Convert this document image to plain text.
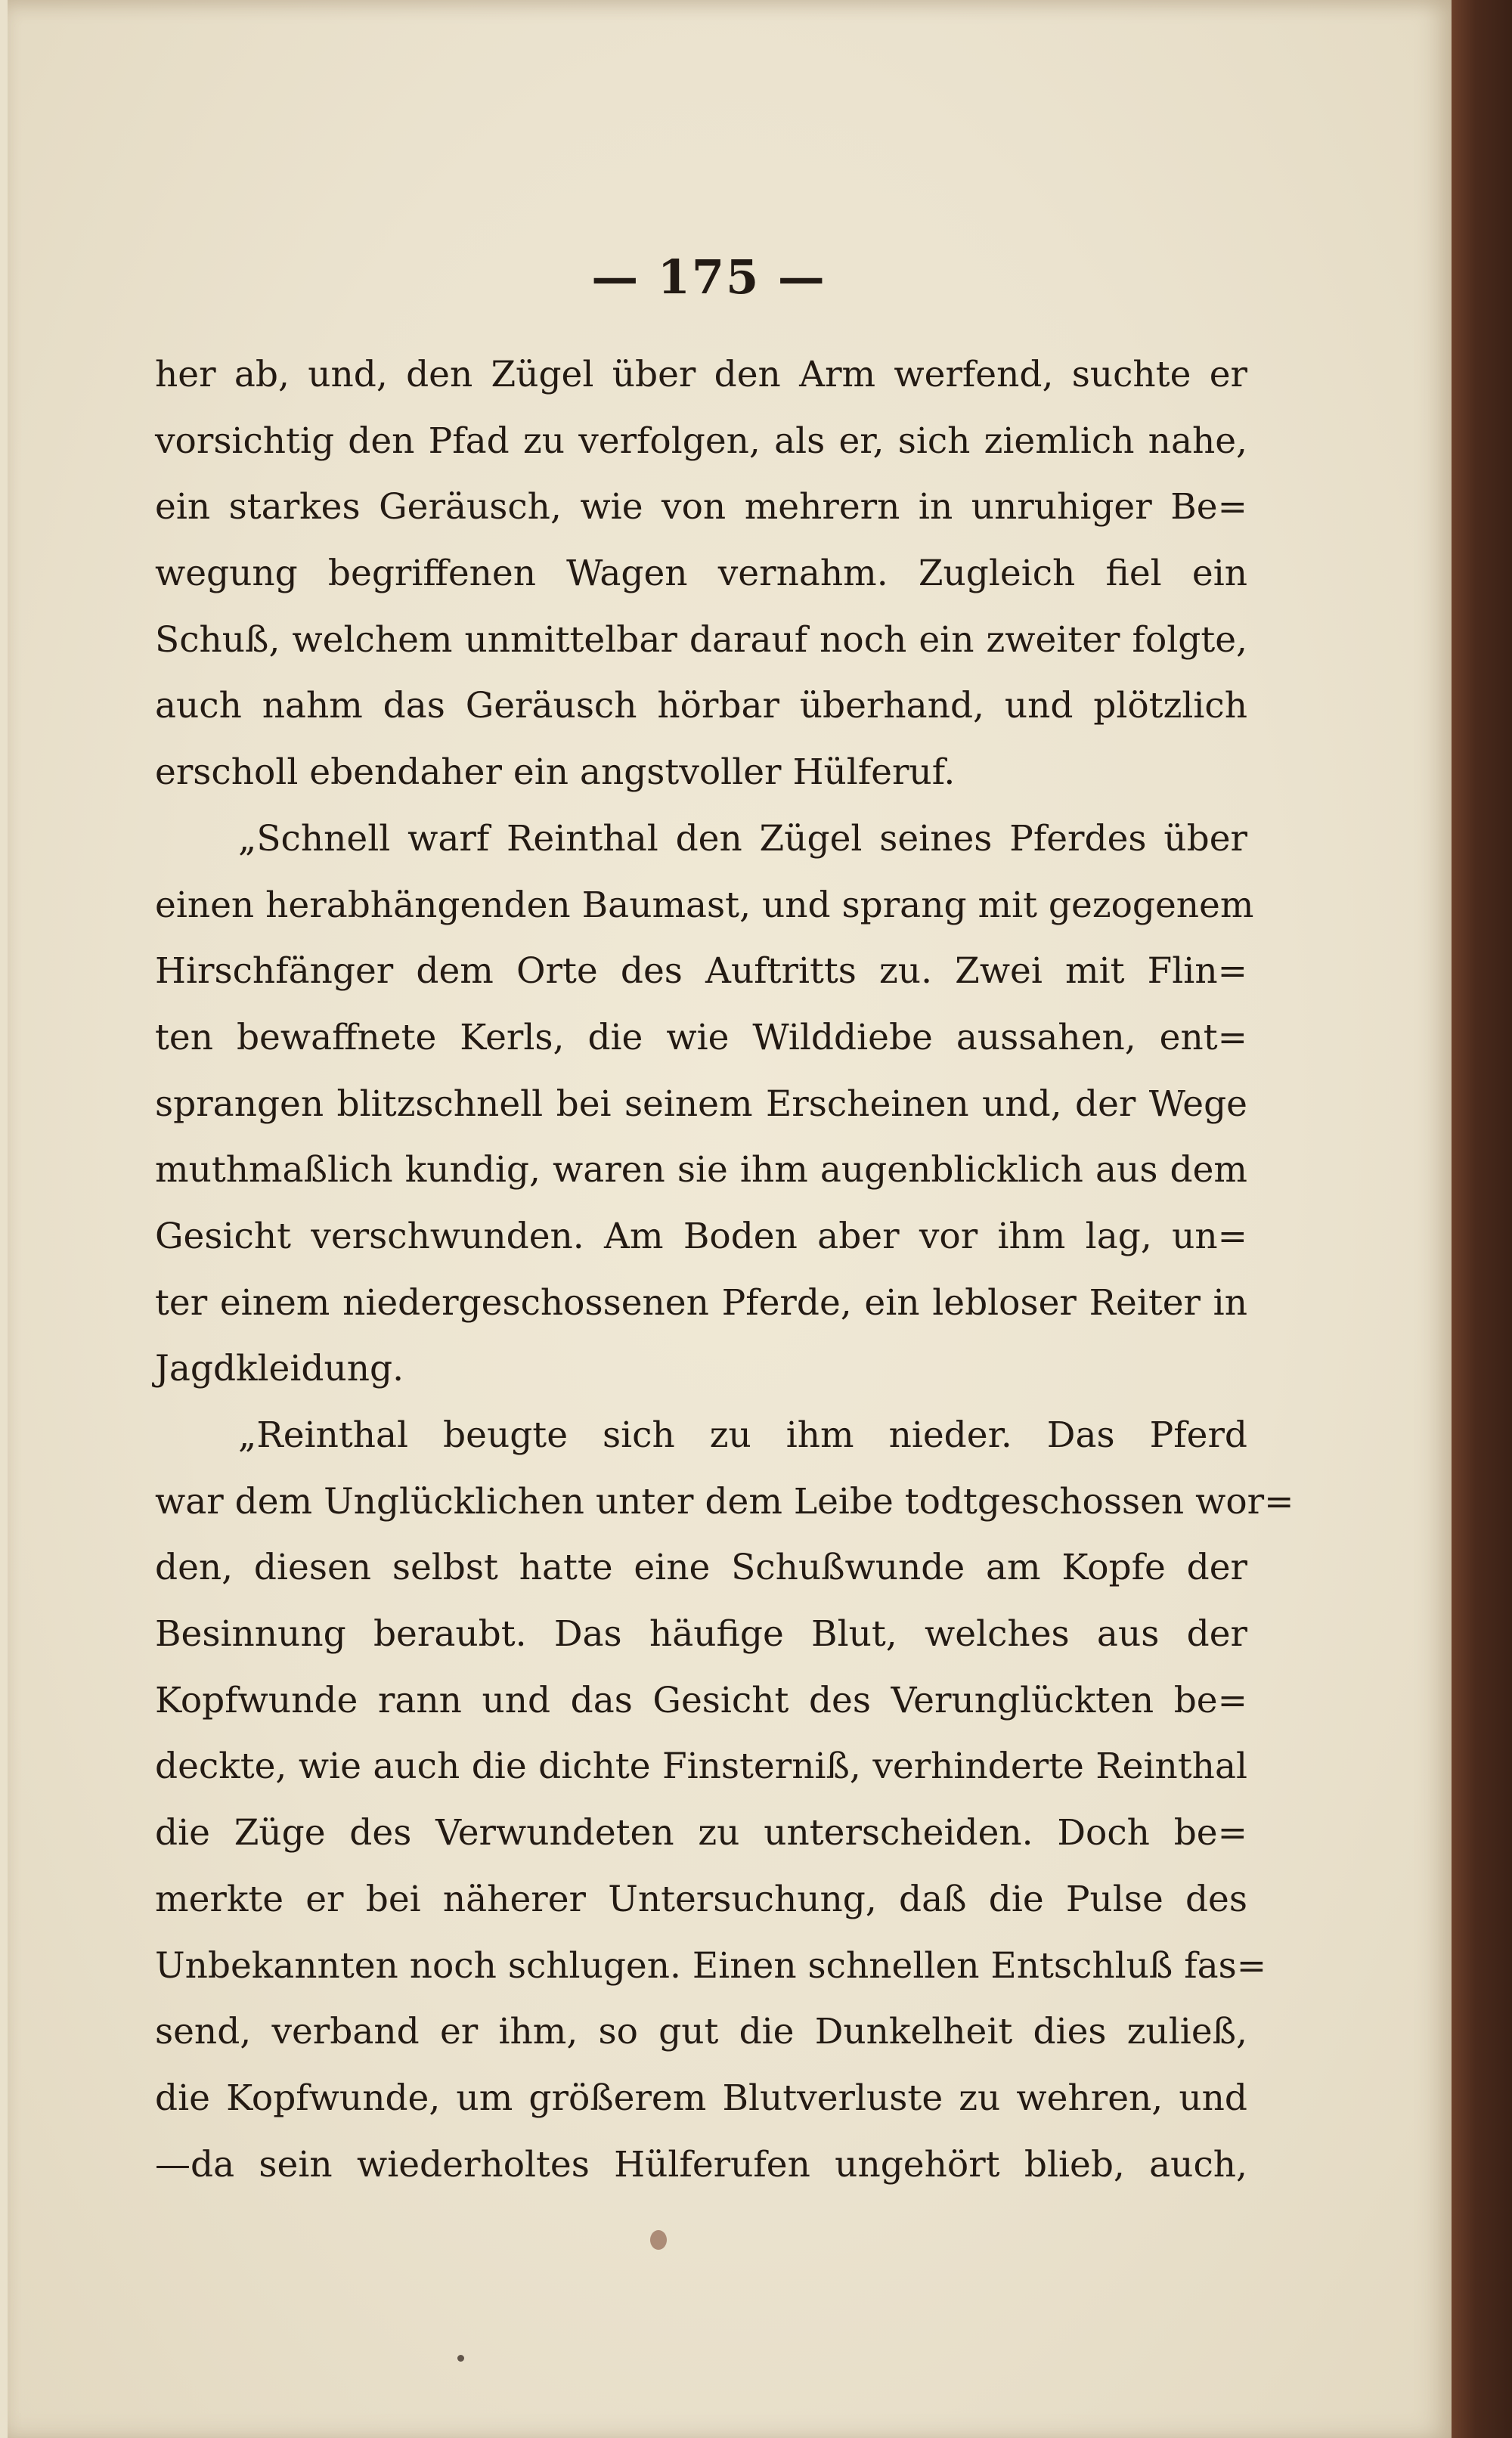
— 175 —
her ab, und, den Zügel über den Arm werfend, suchte er
vorsichtig den Pfad zu verfolgen, als er, sich ziemlich nahe,
ein starkes Geräusch, wie von mehrern in unruhiger Be=
wegung begriffenen Wagen vernahm. Zugleich fiel ein
Schuß, welchem unmittelbar darauf noch ein zweiter folgte,
auch nahm das Geräusch hörbar überhand, und plötzlich
erscholl ebendaher ein angstvoller Hülferuf.
„Schnell warf Reinthal den Zügel seines Pferdes über
einen herabhängenden Baumast, und sprang mit gezogenem
Hirschfänger dem Orte des Auftritts zu. Zwei mit Flin=
ten bewaffnete Kerls, die wie Wilddiebe aussahen, ent=
sprangen blitzschnell bei seinem Erscheinen und, der Wege
muthmaßlich kundig, waren sie ihm augenblicklich aus dem
Gesicht verschwunden. Am Boden aber vor ihm lag, un=
ter einem niedergeschossenen Pferde, ein lebloser Reiter in
Jagdkleidung.
„Reinthal beugte sich zu ihm nieder. Das Pferd
war dem Unglücklichen unter dem Leibe todtgeschossen wor=
den, diesen selbst hatte eine Schußwunde am Kopfe der
Besinnung beraubt. Das häufige Blut, welches aus der
Kopfwunde rann und das Gesicht des Verunglückten be=
deckte, wie auch die dichte Finsterniß, verhinderte Reinthal
die Züge des Verwundeten zu unterscheiden. Doch be=
merkte er bei näherer Untersuchung, daß die Pulse des
Unbekannten noch schlugen. Einen schnellen Entschluß fas=
send, verband er ihm, so gut die Dunkelheit dies zuließ,
die Kopfwunde, um größerem Blutverluste zu wehren, und
—da sein wiederholtes Hülferufen ungehört blieb, auch,
